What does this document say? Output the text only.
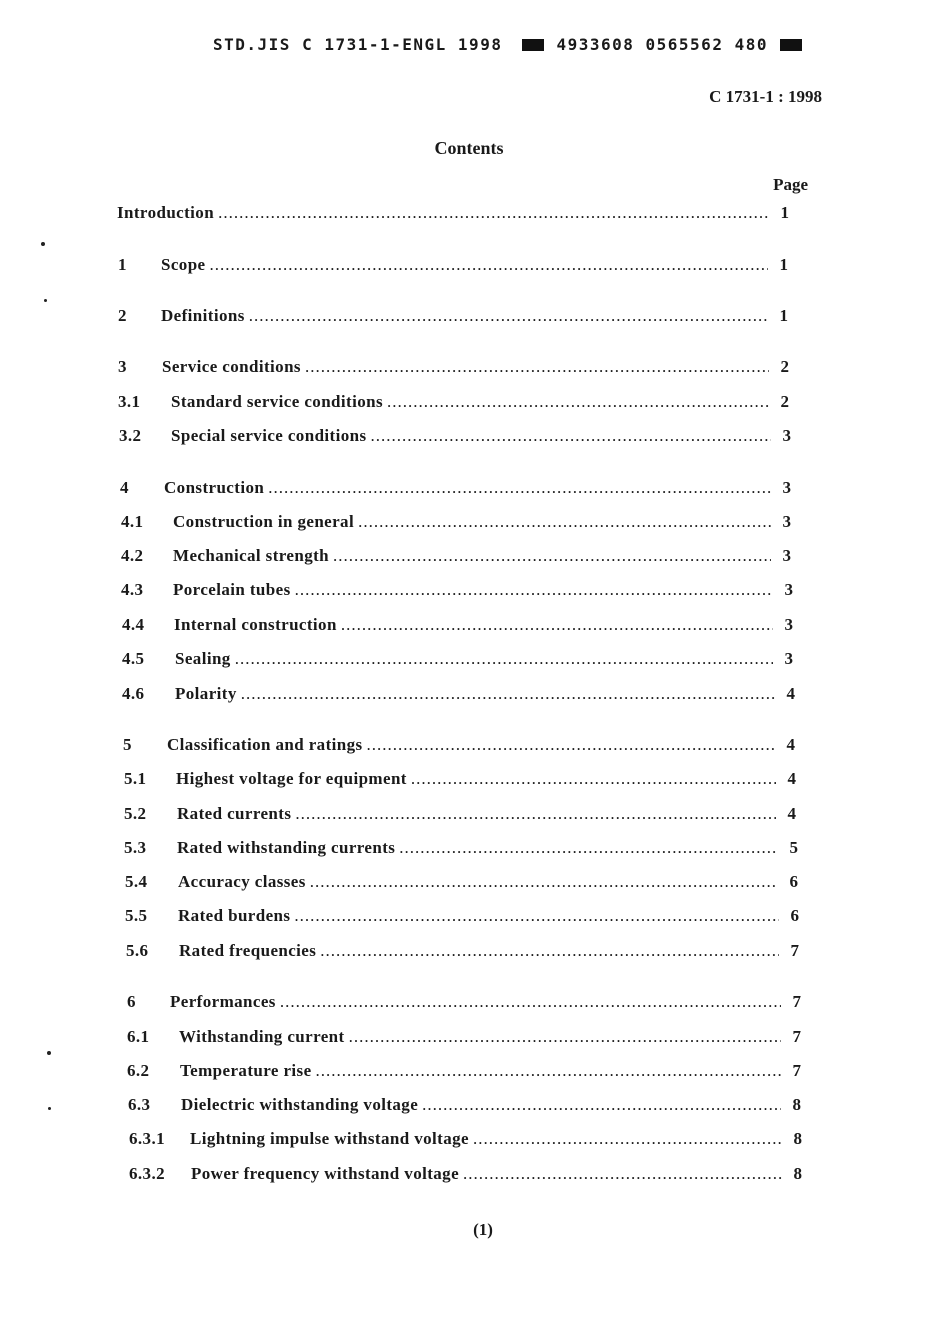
STD.JIS C 1731-1-ENGL 1998	4933608 0565562 480
C 1731-1 : 1998
Contents
Page
Introduction .....	1
1	Scope .....	1
2	Definitions .....	1
3	Service conditions .....	2
3.1	Standard service conditions .....	2
3.2	Special service conditions .....	3
4	Construction .....	3
4.1	Construction in general .....	3
4.2	Mechanical strength .....	3
4.3	Porcelain tubes .....	3
4.4	Internal construction .....	3
4.5	Sealing .....	3
4.6	Polarity .....	4
5	Classification and ratings .....	4
5.1	Highest voltage for equipment .....	4
5.2	Rated currents .....	4
5.3	Rated withstanding currents .....	5
5.4	Accuracy classes .....	6
5.5	Rated burdens .....	6
5.6	Rated frequencies .....	7
6	Performances .....	7
6.1	Withstanding current .....	7
6.2	Temperature rise .....	7
6.3	Dielectric withstanding voltage .....	8
6.3.1	Lightning impulse withstand voltage .....	8
6.3.2	Power frequency withstand voltage .....	8
(1)
